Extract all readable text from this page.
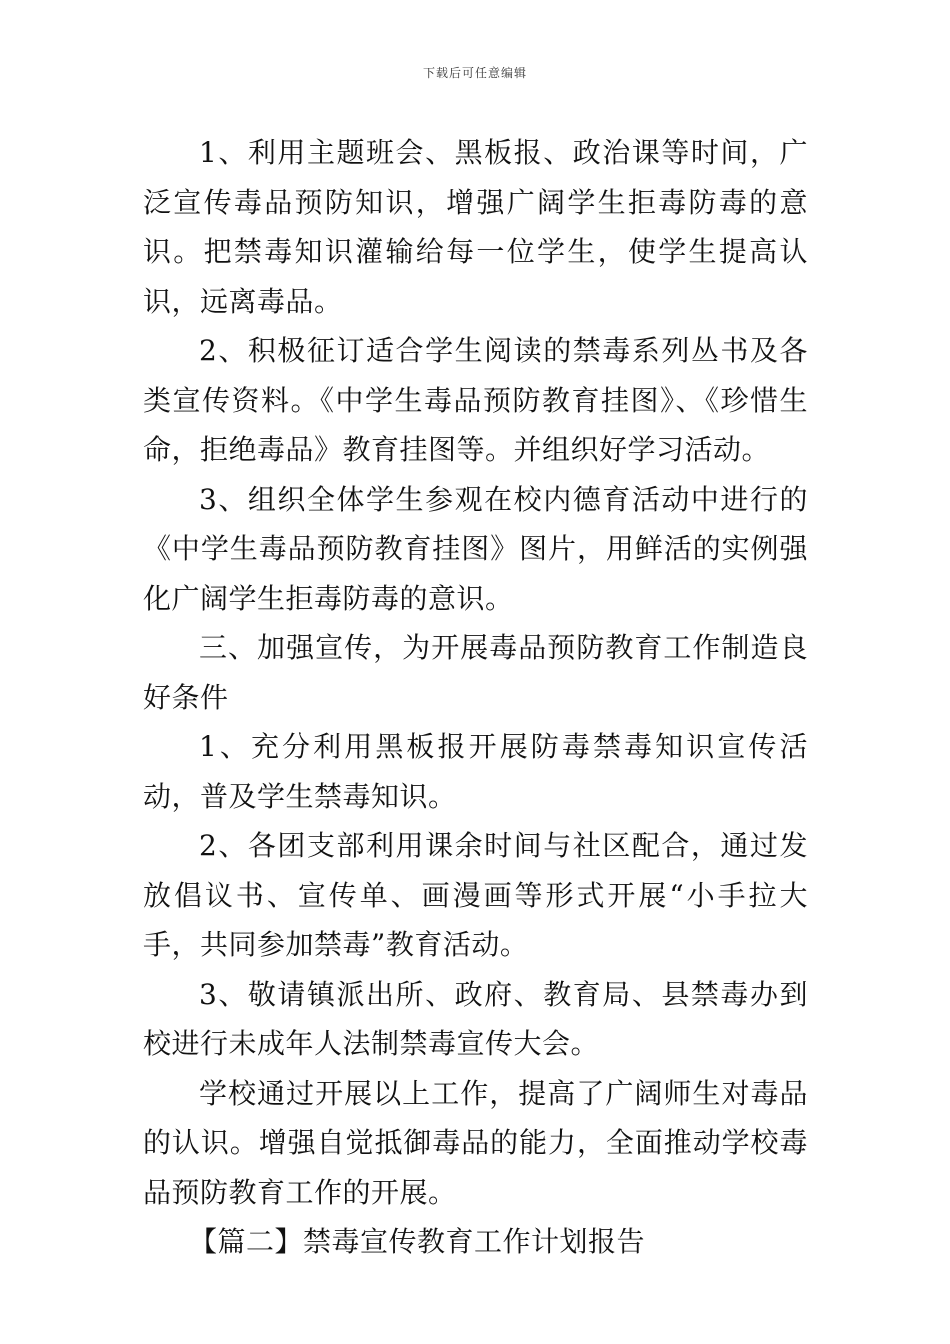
下载后可任意编辑

1、利用主题班会、黑板报、政治课等时间，广泛宣传毒品预防知识，增强广阔学生拒毒防毒的意识。把禁毒知识灌输给每一位学生，使学生提高认识，远离毒品。

2、积极征订适合学生阅读的禁毒系列丛书及各类宣传资料。《中学生毒品预防教育挂图》、《珍惜生命，拒绝毒品》教育挂图等。并组织好学习活动。

3、组织全体学生参观在校内德育活动中进行的《中学生毒品预防教育挂图》图片，用鲜活的实例强化广阔学生拒毒防毒的意识。

三、加强宣传，为开展毒品预防教育工作制造良好条件

1、充分利用黑板报开展防毒禁毒知识宣传活动，普及学生禁毒知识。

2、各团支部利用课余时间与社区配合，通过发放倡议书、宣传单、画漫画等形式开展“小手拉大手，共同参加禁毒”教育活动。

3、敬请镇派出所、政府、教育局、县禁毒办到校进行未成年人法制禁毒宣传大会。

学校通过开展以上工作，提高了广阔师生对毒品的认识。增强自觉抵御毒品的能力，全面推动学校毒品预防教育工作的开展。

【篇二】禁毒宣传教育工作计划报告
